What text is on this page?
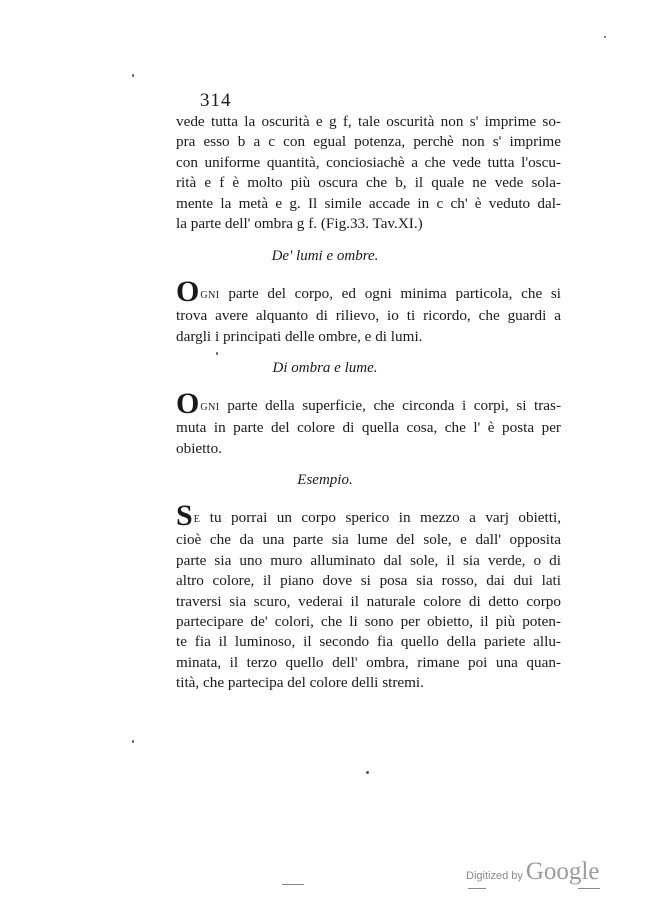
314
vede tutta la oscurità e g f, tale oscurità non s' imprime so-
pra esso b a c con egual potenza, perchè non s' imprime
con uniforme quantità, conciosiachè a che vede tutta l'oscu-
rità e f è molto più oscura che b, il quale ne vede sola-
mente la metà e g. Il simile accade in c ch' è veduto dal-
la parte dell' ombra g f. (Fig.33. Tav.XI.)
De' lumi e ombre.
OGNI parte del corpo, ed ogni minima particola, che si
trova avere alquanto di rilievo, io ti ricordo, che guardi a
dargli i principati delle ombre, e di lumi.
Di ombra e lume.
OGNI parte della superficie, che circonda i corpi, si tras-
muta in parte del colore di quella cosa, che l' è posta per
obietto.
Esempio.
SE tu porrai un corpo sperico in mezzo a varj obietti,
cioè che da una parte sia lume del sole, e dall' opposita
parte sia uno muro alluminato dal sole, il sia verde, o di
altro colore, il piano dove si posa sia rosso, dai dui lati
traversi sia scuro, vederai il naturale colore di detto corpo
partecipare de' colori, che li sono per obietto, il più poten-
te fia il luminoso, il secondo fia quello della pariete allu-
minata, il terzo quello dell' ombra, rimane poi una quan-
tità, che partecipa del colore delli stremi.
Digitized by Google
